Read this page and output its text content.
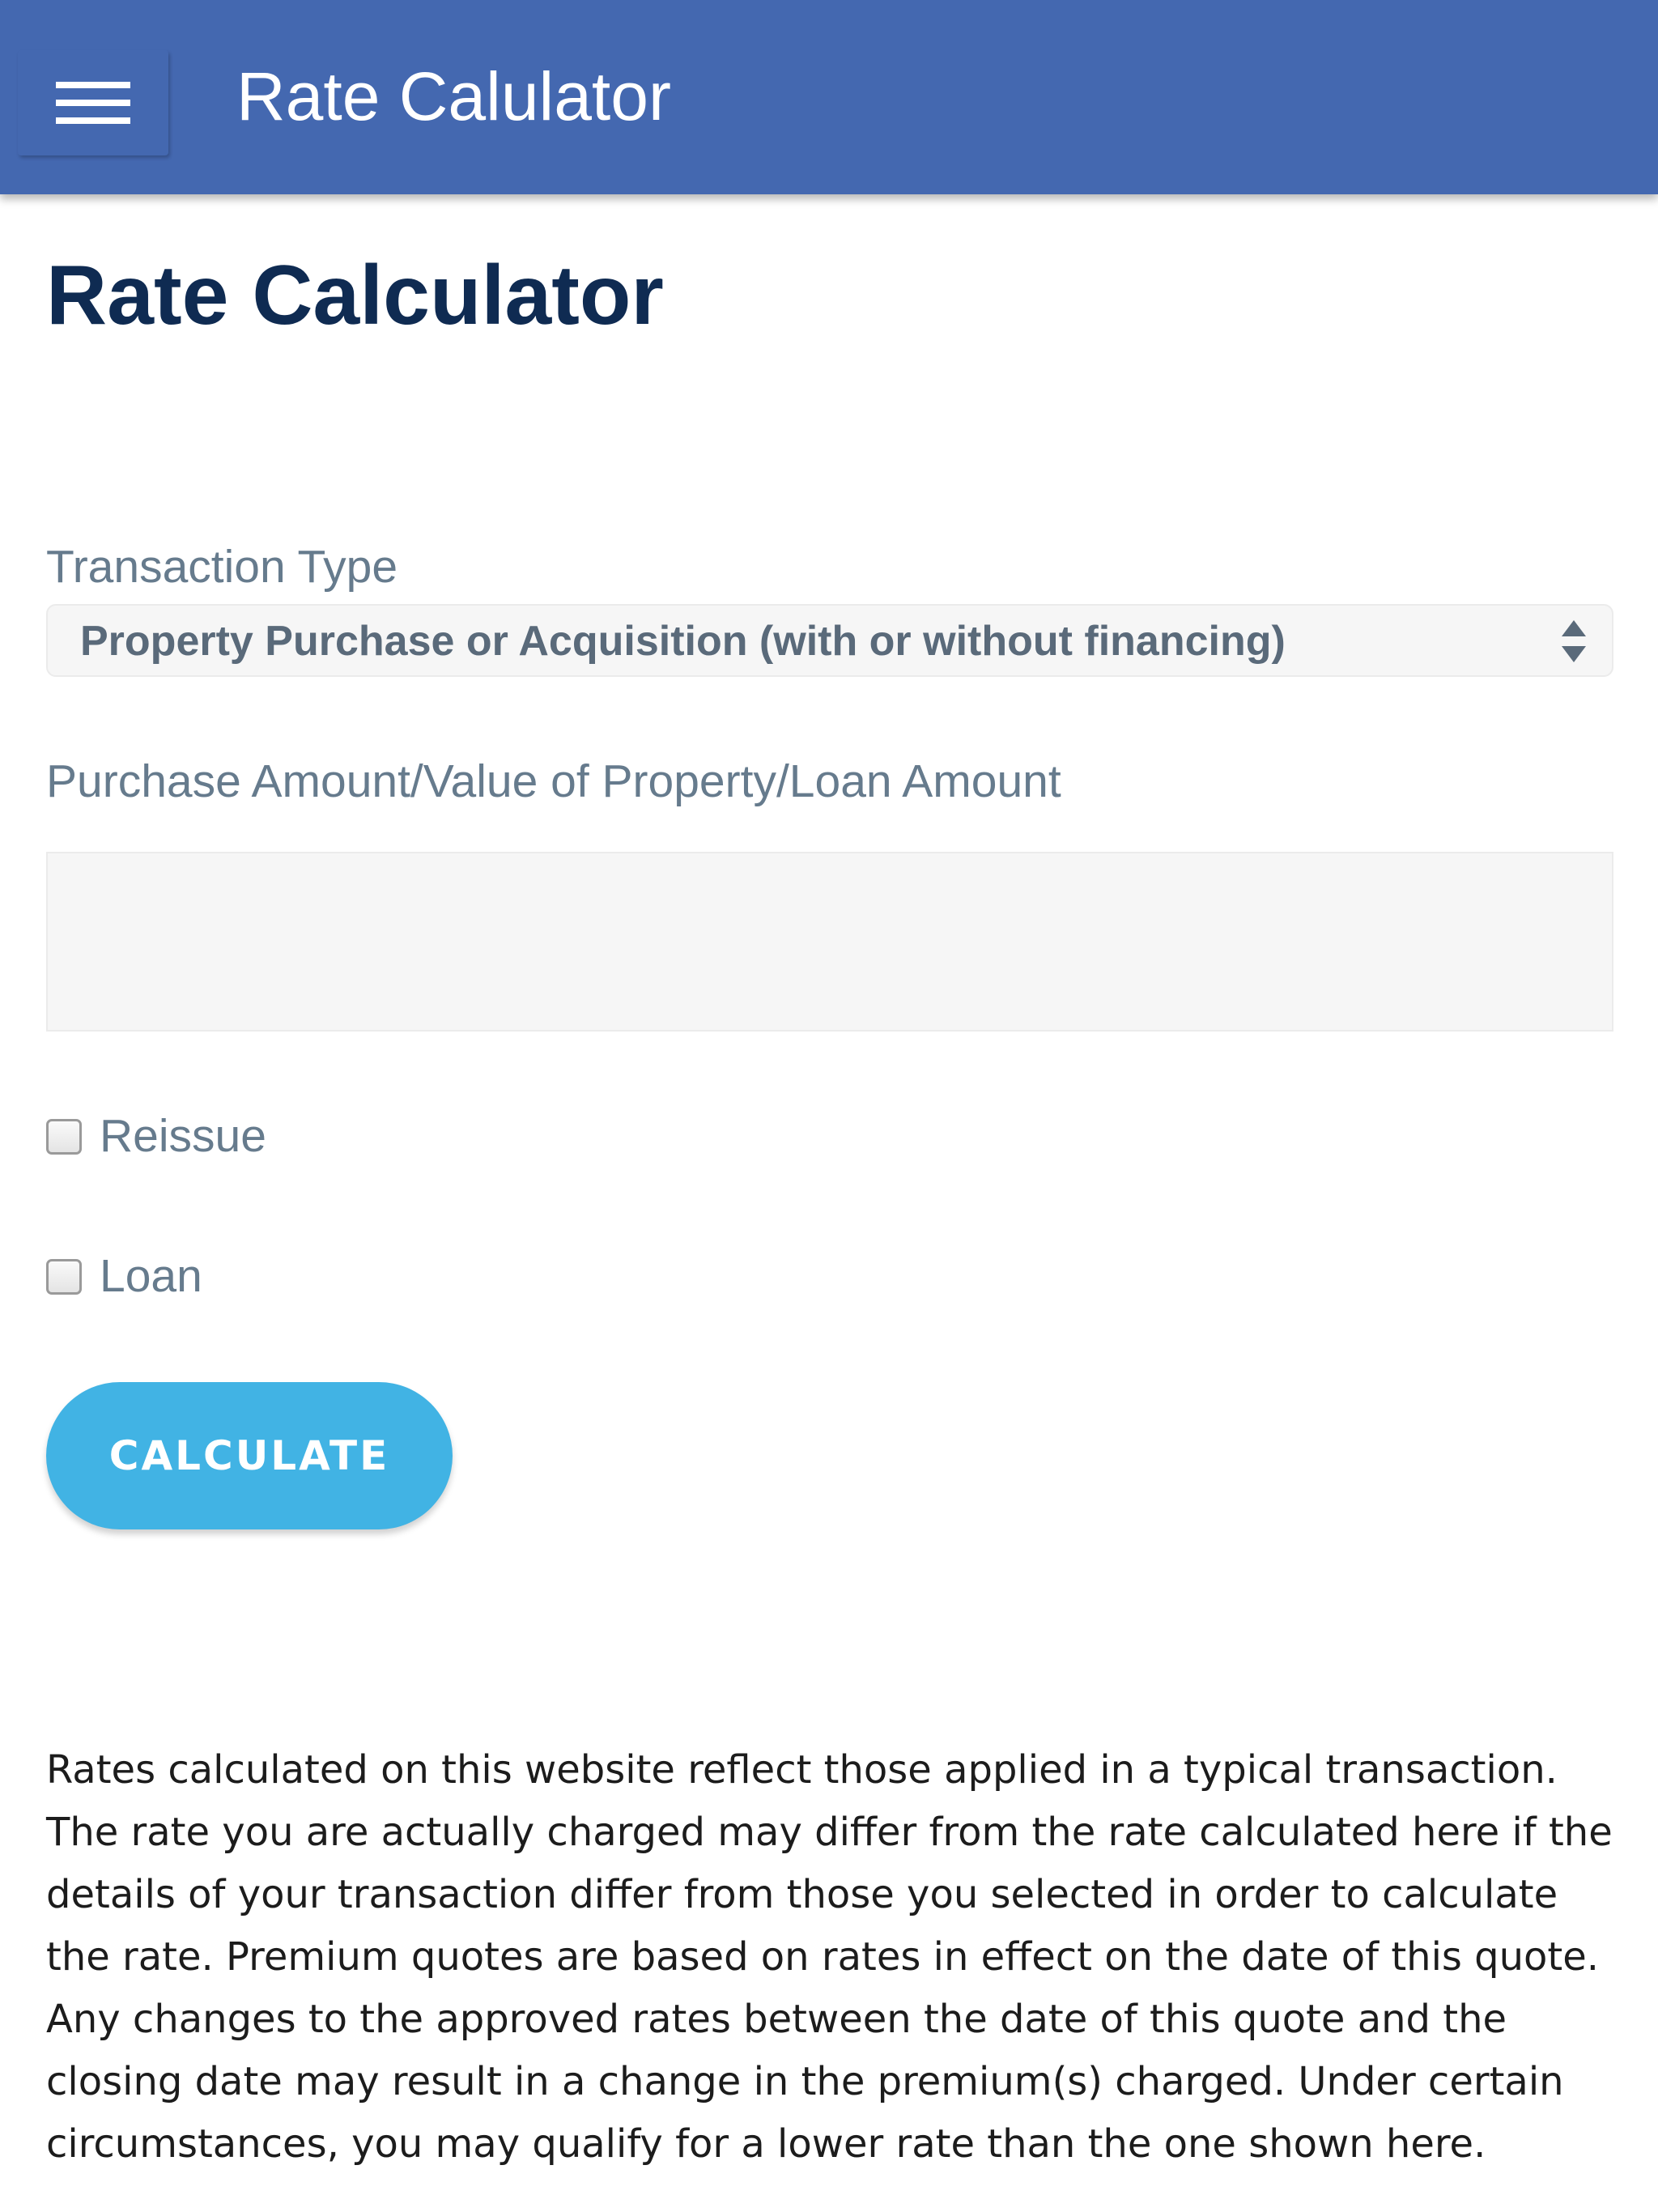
Rate Calulator
Rate Calculator
Transaction Type
Property Purchase or Acquisition (with or without financing)
Purchase Amount/Value of Property/Loan Amount
Reissue
Loan
CALCULATE

Rates calculated on this website reflect those applied in a typical transaction. The rate you are actually charged may differ from the rate calculated here if the details of your transaction differ from those you selected in order to calculate the rate. Premium quotes are based on rates in effect on the date of this quote. Any changes to the approved rates between the date of this quote and the closing date may result in a change in the premium(s) charged. Under certain circumstances, you may qualify for a lower rate than the one shown here.
